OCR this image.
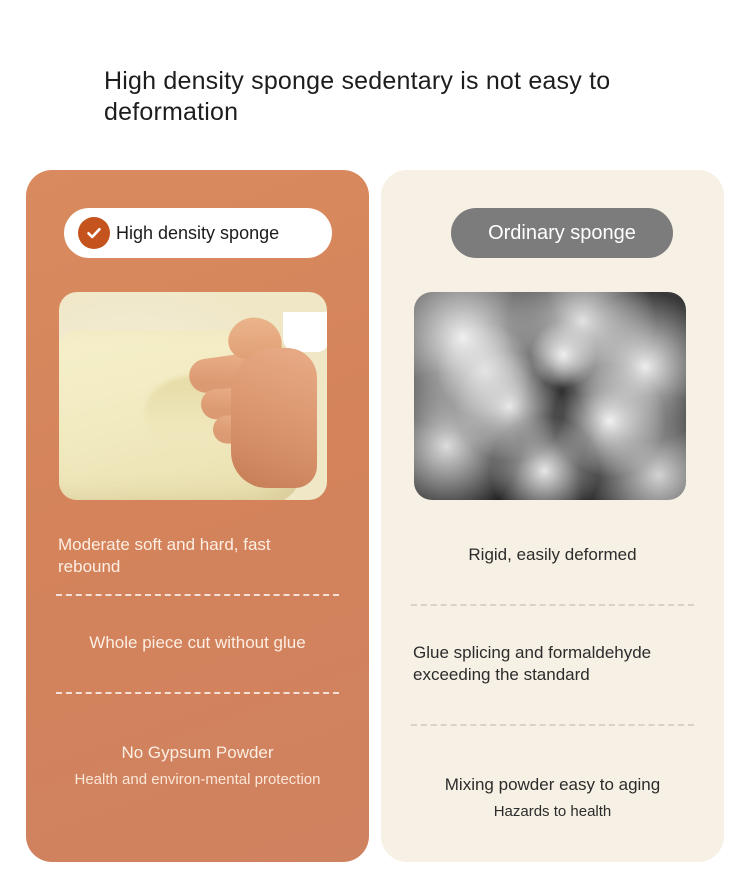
High density sponge sedentary is not easy to deformation
High density sponge
Moderate soft and hard, fast rebound
Whole piece cut without glue
No Gypsum Powder
Health and environ-mental protection
Ordinary sponge
Rigid, easily deformed
Glue splicing and formaldehyde exceeding the standard
Mixing powder easy to aging
Hazards to health
